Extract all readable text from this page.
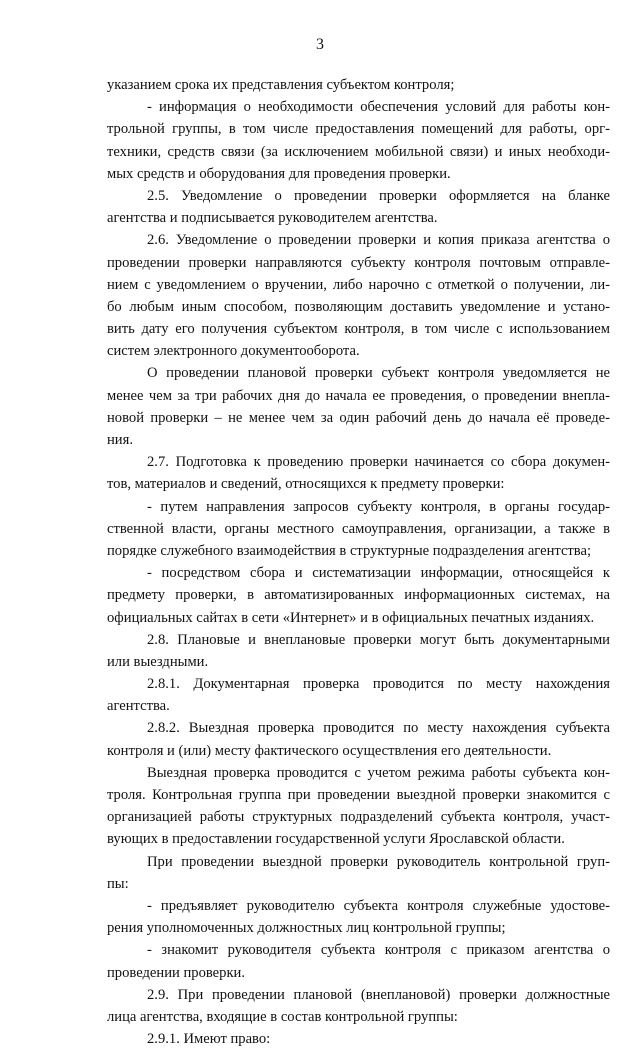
3
указанием срока их представления субъектом контроля;
- информация о необходимости обеспечения условий для работы кон-
трольной группы, в том числе предоставления помещений для работы, орг-
техники, средств связи (за исключением мобильной связи) и иных необходи-
мых средств и оборудования для проведения проверки.
2.5. Уведомление о проведении проверки оформляется на бланке
агентства и подписывается руководителем агентства.
2.6. Уведомление о проведении проверки и копия приказа агентства о
проведении проверки направляются субъекту контроля почтовым отправле-
нием с уведомлением о вручении, либо нарочно с отметкой о получении, ли-
бо любым иным способом, позволяющим доставить уведомление и устано-
вить дату его получения субъектом контроля, в том числе с использованием
систем электронного документооборота.
О проведении плановой проверки субъект контроля уведомляется не
менее чем за три рабочих дня до начала ее проведения, о проведении внепла-
новой проверки – не менее чем за один рабочий день до начала её проведе-
ния.
2.7. Подготовка к проведению проверки начинается со сбора докумен-
тов, материалов и сведений, относящихся к предмету проверки:
- путем направления запросов субъекту контроля, в органы государ-
ственной власти, органы местного самоуправления, организации, а также в
порядке служебного взаимодействия в структурные подразделения агентства;
- посредством сбора и систематизации информации, относящейся к
предмету проверки, в автоматизированных информационных системах, на
официальных сайтах в сети «Интернет» и в официальных печатных изданиях.
2.8. Плановые и внеплановые проверки могут быть документарными
или выездными.
2.8.1. Документарная проверка проводится по месту нахождения
агентства.
2.8.2. Выездная проверка проводится по месту нахождения субъекта
контроля и (или) месту фактического осуществления его деятельности.
Выездная проверка проводится с учетом режима работы субъекта кон-
троля. Контрольная группа при проведении выездной проверки знакомится с
организацией работы структурных подразделений субъекта контроля, участ-
вующих в предоставлении государственной услуги Ярославской области.
При проведении выездной проверки руководитель контрольной груп-
пы:
- предъявляет руководителю субъекта контроля служебные удостове-
рения уполномоченных должностных лиц контрольной группы;
- знакомит руководителя субъекта контроля с приказом агентства о
проведении проверки.
2.9. При проведении плановой (внеплановой) проверки должностные
лица агентства, входящие в состав контрольной группы:
2.9.1. Имеют право:
